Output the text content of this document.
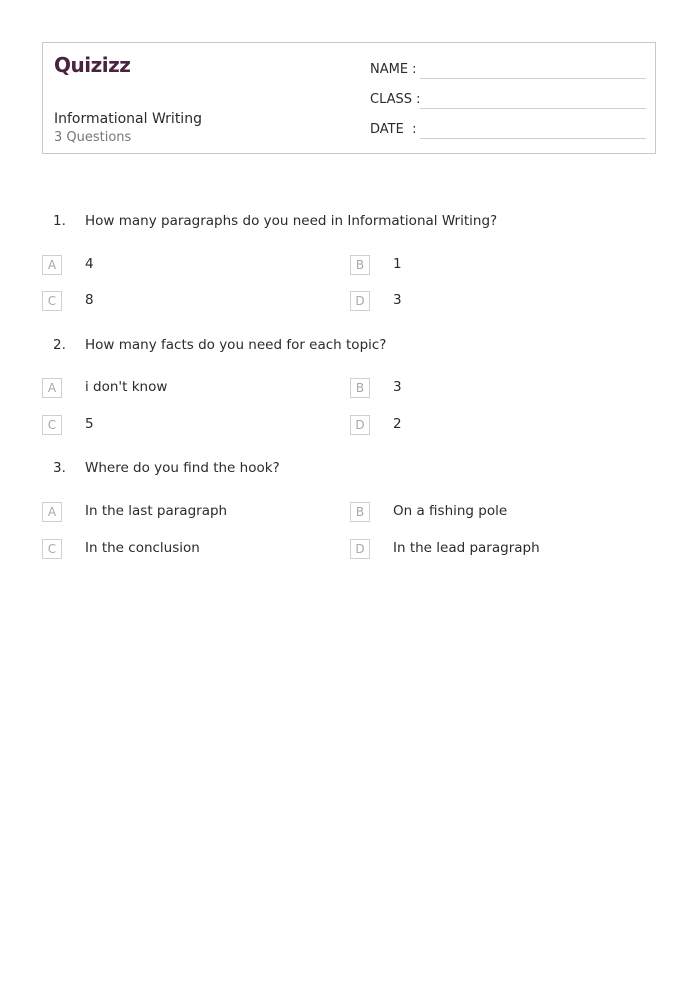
Quizizz
Informational Writing
3 Questions
NAME :
CLASS :
DATE  :
1. How many paragraphs do you need in Informational Writing?
A	4	B	1
C	8	D	3
2. How many facts do you need for each topic?
A	i don't know	B	3
C	5	D	2
3. Where do you find the hook?
A	In the last paragraph	B	On a fishing pole
C	In the conclusion	D	In the lead paragraph
